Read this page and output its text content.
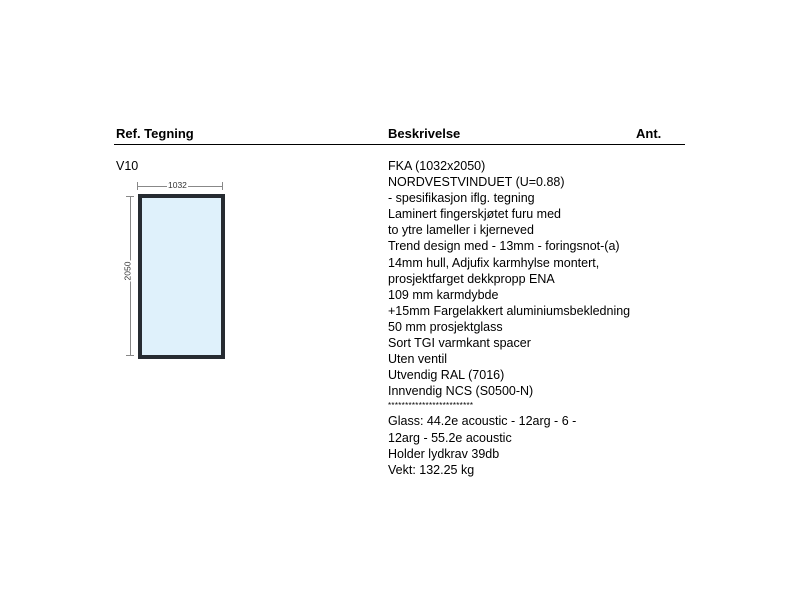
Ref. Tegning	Beskrivelse	Ant.
V10
1032
2050
FKA (1032x2050)
NORDVESTVINDUET (U=0.88)
- spesifikasjon iflg. tegning
Laminert fingerskjøtet furu med
to ytre lameller i kjerneved
Trend design med - 13mm - foringsnot-(a)
14mm hull, Adjufix karmhylse montert,
prosjektfarget dekkpropp ENA
109 mm karmdybde
+15mm Fargelakkert aluminiumsbekledning
50 mm prosjektglass
Sort TGI varmkant spacer
Uten ventil
Utvendig RAL (7016)
Innvendig NCS (S0500-N)
*************************
Glass: 44.2e acoustic - 12arg - 6 -
12arg - 55.2e acoustic
Holder lydkrav 39db
Vekt: 132.25 kg
